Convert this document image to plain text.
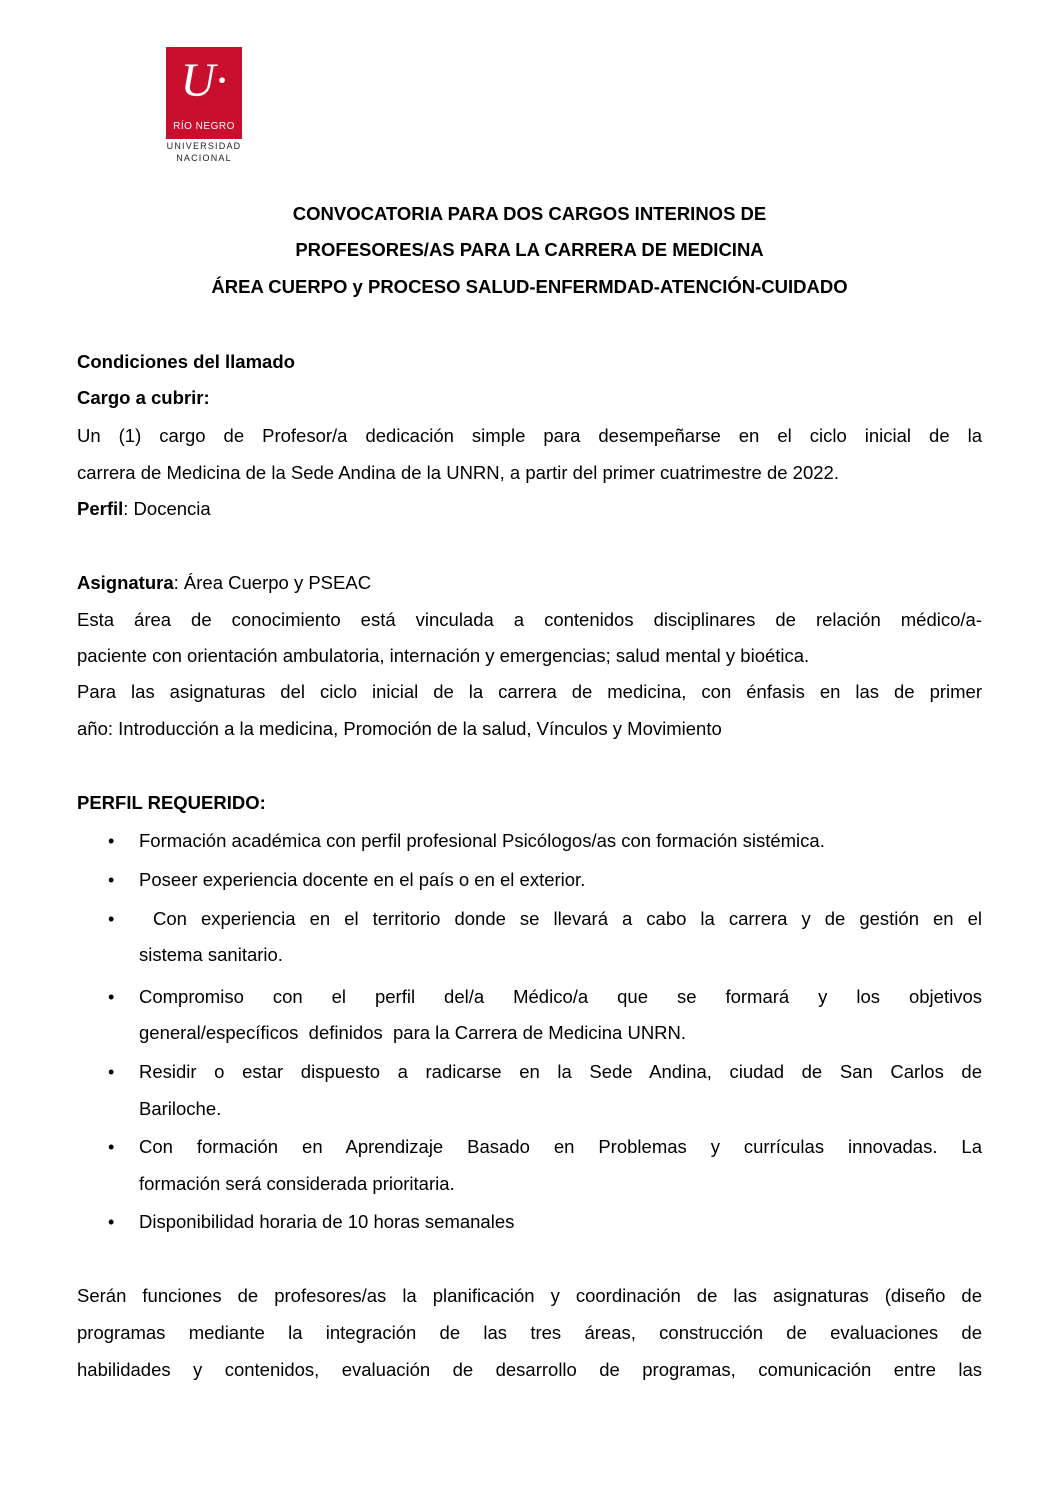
U·
RÍO NEGRO
UNIVERSIDAD
NACIONAL
CONVOCATORIA PARA DOS CARGOS INTERINOS DE
PROFESORES/AS PARA LA CARRERA DE MEDICINA
ÁREA CUERPO y PROCESO SALUD-ENFERMDAD-ATENCIÓN-CUIDADO
Condiciones del llamado
Cargo a cubrir:
Un (1) cargo de Profesor/a dedicación simple para desempeñarse en el ciclo inicial de la
carrera de Medicina de la Sede Andina de la UNRN, a partir del primer cuatrimestre de 2022.
Perfil: Docencia
Asignatura: Área Cuerpo y PSEAC
Esta área de conocimiento está vinculada a contenidos disciplinares de relación médico/a-
paciente con orientación ambulatoria, internación y emergencias; salud mental y bioética.
Para las asignaturas del ciclo inicial de la carrera de medicina, con énfasis en las de primer
año: Introducción a la medicina, Promoción de la salud, Vínculos y Movimiento
PERFIL REQUERIDO:
• Formación académica con perfil profesional Psicólogos/as con formación sistémica.
• Poseer experiencia docente en el país o en el exterior.
• Con experiencia en el territorio donde se llevará a cabo la carrera y de gestión en el
sistema sanitario.
• Compromiso con el perfil del/a Médico/a que se formará y los objetivos
general/específicos  definidos  para la Carrera de Medicina UNRN.
• Residir o estar dispuesto a radicarse en la Sede Andina, ciudad de San Carlos de
Bariloche.
• Con formación en Aprendizaje Basado en Problemas y currículas innovadas. La
formación será considerada prioritaria.
• Disponibilidad horaria de 10 horas semanales
Serán funciones de profesores/as la planificación y coordinación de las asignaturas (diseño de
programas mediante la integración de las tres áreas, construcción de evaluaciones de
habilidades y contenidos, evaluación de desarrollo de programas, comunicación entre las
